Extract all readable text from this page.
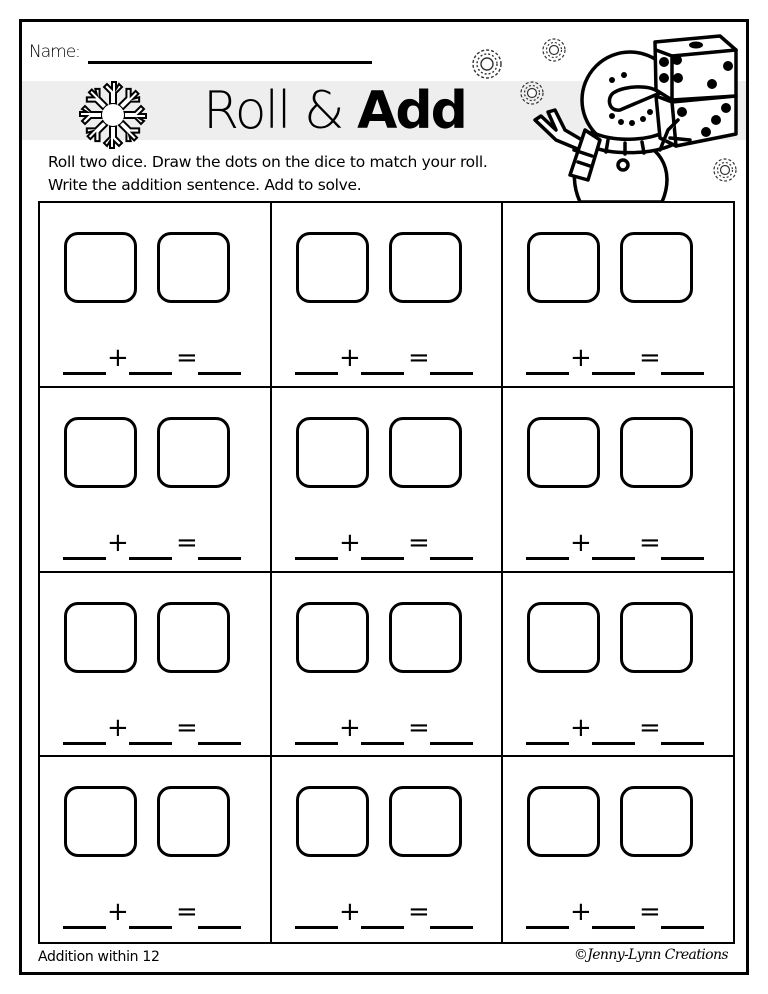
Name:
Roll & Add
Roll two dice. Draw the dots on the dice to match your roll.
Write the addition sentence. Add to solve.
+ =	+ =	+ =
+ =	+ =	+ =
+ =	+ =	+ =
+ =	+ =	+ =
Addition within 12	©Jenny-Lynn Creations
